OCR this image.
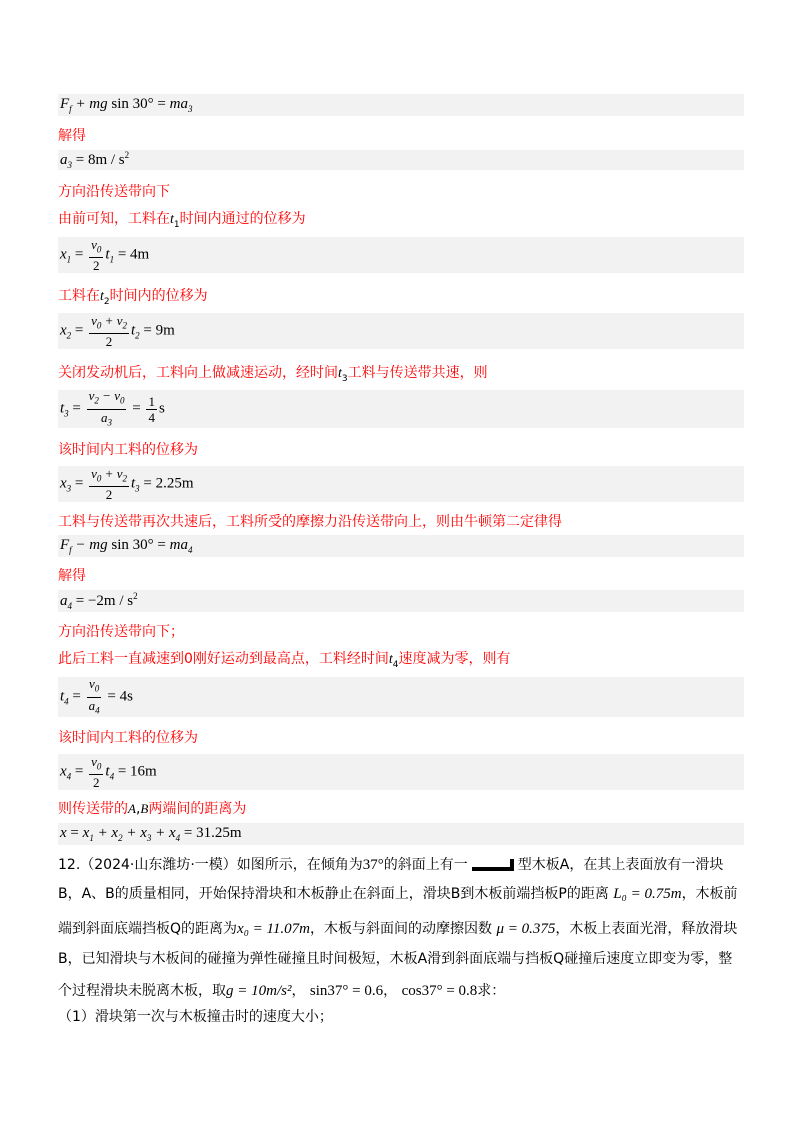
$F_f$ + mg $\sin 30^\circ = ma_3$
解得
$a_3 = 8m / s^2$
方向沿传送带向下
由前可知，工料在$t_1$时间内通过的位移为
$x_1 = \frac{v_0}{2} t_1 = 4m$
工料在$t_2$时间内的位移为
$x_2 = \frac{v_0 + v_2}{2} t_2 = 9m$
关闭发动机后，工料向上做减速运动，经时间$t_3$工料与传送带共速，则
$t_3 = \frac{v_2 - v_0}{a_3} = \frac{1}{4}$ s
该时间内工料的位移为
$x_3 = \frac{v_0 + v_2}{2} t_3 = 2.25m$
工料与传送带再次共速后，工料所受的摩擦力沿传送带向上，则由牛顿第二定律得
$F_f$ − mg $\sin 30^\circ = ma_4$
解得
$a_4 = -2m / s^2$
方向沿传送带向下；
此后工料一直减速到0刚好运动到最高点，工料经时间$t_4$速度减为零，则有
$t_4 = \frac{v_0}{a_4} = 4s$
该时间内工料的位移为
$x_4 = \frac{v_0}{2} t_4 = 16m$
则传送带的A,B两端间的距离为
$x = x_1 + x_2 + x_3 + x_4 = 31.25m$
12.（2024·山东潍坊·一模）如图所示，在倾角为37°的斜面上有一	型木板A，在其上表面放有一滑块
B，A、B的质量相同，开始保持滑块和木板静止在斜面上，滑块B到木板前端挡板P的距离 L₀ = 0.75m，木板前
端到斜面底端挡板Q的距离为x₀ = 11.07m，木板与斜面间的动摩擦因数 μ = 0.375，木板上表面光滑，释放滑块
B，已知滑块与木板间的碰撞为弹性碰撞且时间极短，木板A滑到斜面底端与挡板Q碰撞后速度立即变为零，整
个过程滑块未脱离木板，取g = 10m/s²， sin37° = 0.6， cos37° = 0.8求：
（1）滑块第一次与木板撞击时的速度大小；
